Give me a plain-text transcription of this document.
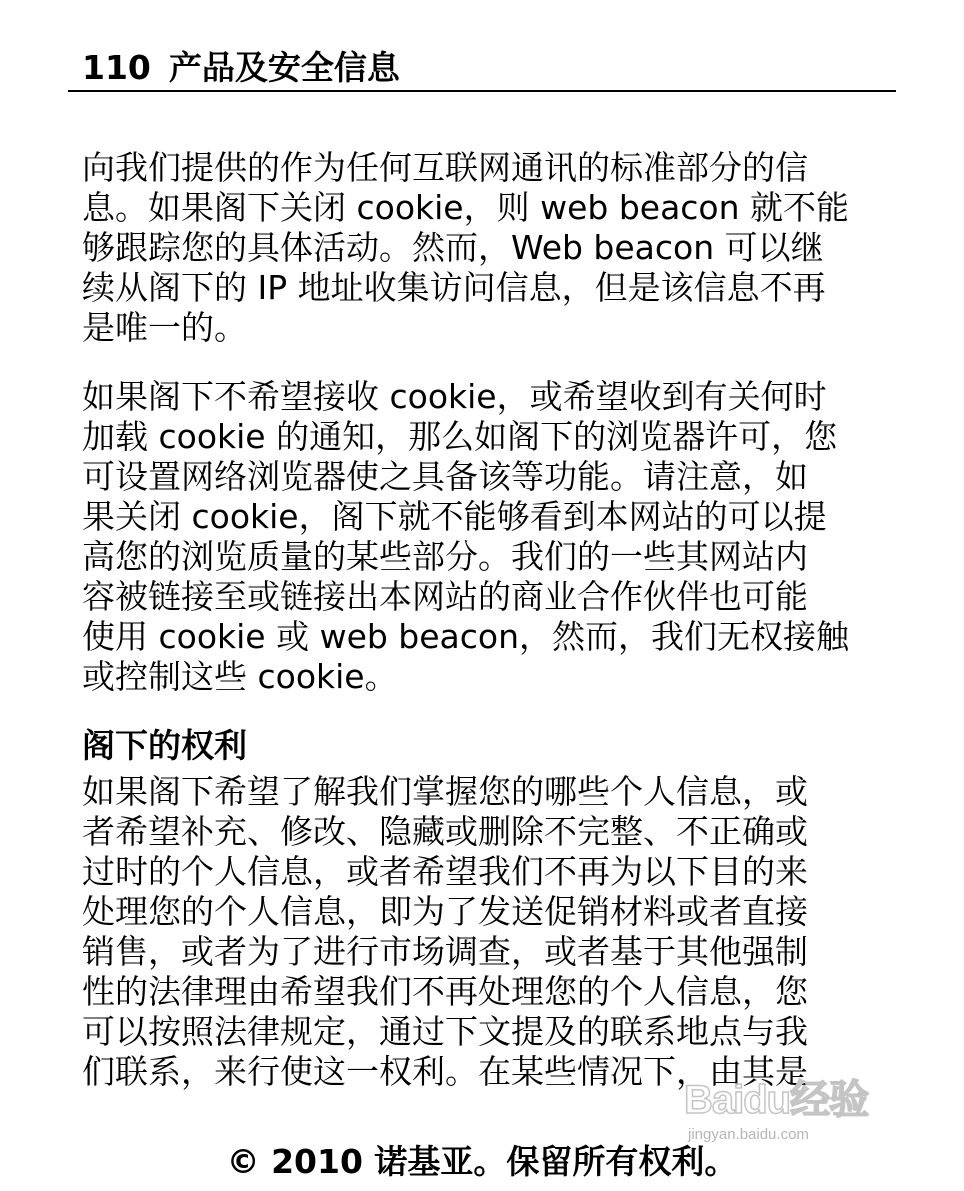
110 产品及安全信息
向我们提供的作为任何互联网通讯的标准部分的信
息。如果阁下关闭 cookie，则 web beacon 就不能
够跟踪您的具体活动。然而，Web beacon 可以继
续从阁下的 IP 地址收集访问信息，但是该信息不再
是唯一的。
如果阁下不希望接收 cookie，或希望收到有关何时
加载 cookie 的通知，那么如阁下的浏览器许可，您
可设置网络浏览器使之具备该等功能。请注意，如
果关闭 cookie，阁下就不能够看到本网站的可以提
高您的浏览质量的某些部分。我们的一些其网站内
容被链接至或链接出本网站的商业合作伙伴也可能
使用 cookie 或 web beacon，然而，我们无权接触
或控制这些 cookie。
阁下的权利
如果阁下希望了解我们掌握您的哪些个人信息，或
者希望补充、修改、隐藏或删除不完整、不正确或
过时的个人信息，或者希望我们不再为以下目的来
处理您的个人信息，即为了发送促销材料或者直接
销售，或者为了进行市场调查，或者基于其他强制
性的法律理由希望我们不再处理您的个人信息，您
可以按照法律规定，通过下文提及的联系地点与我
们联系，来行使这一权利。在某些情况下，由其是
Baidu经验
jingyan.baidu.com
© 2010 诺基亚。保留所有权利。
